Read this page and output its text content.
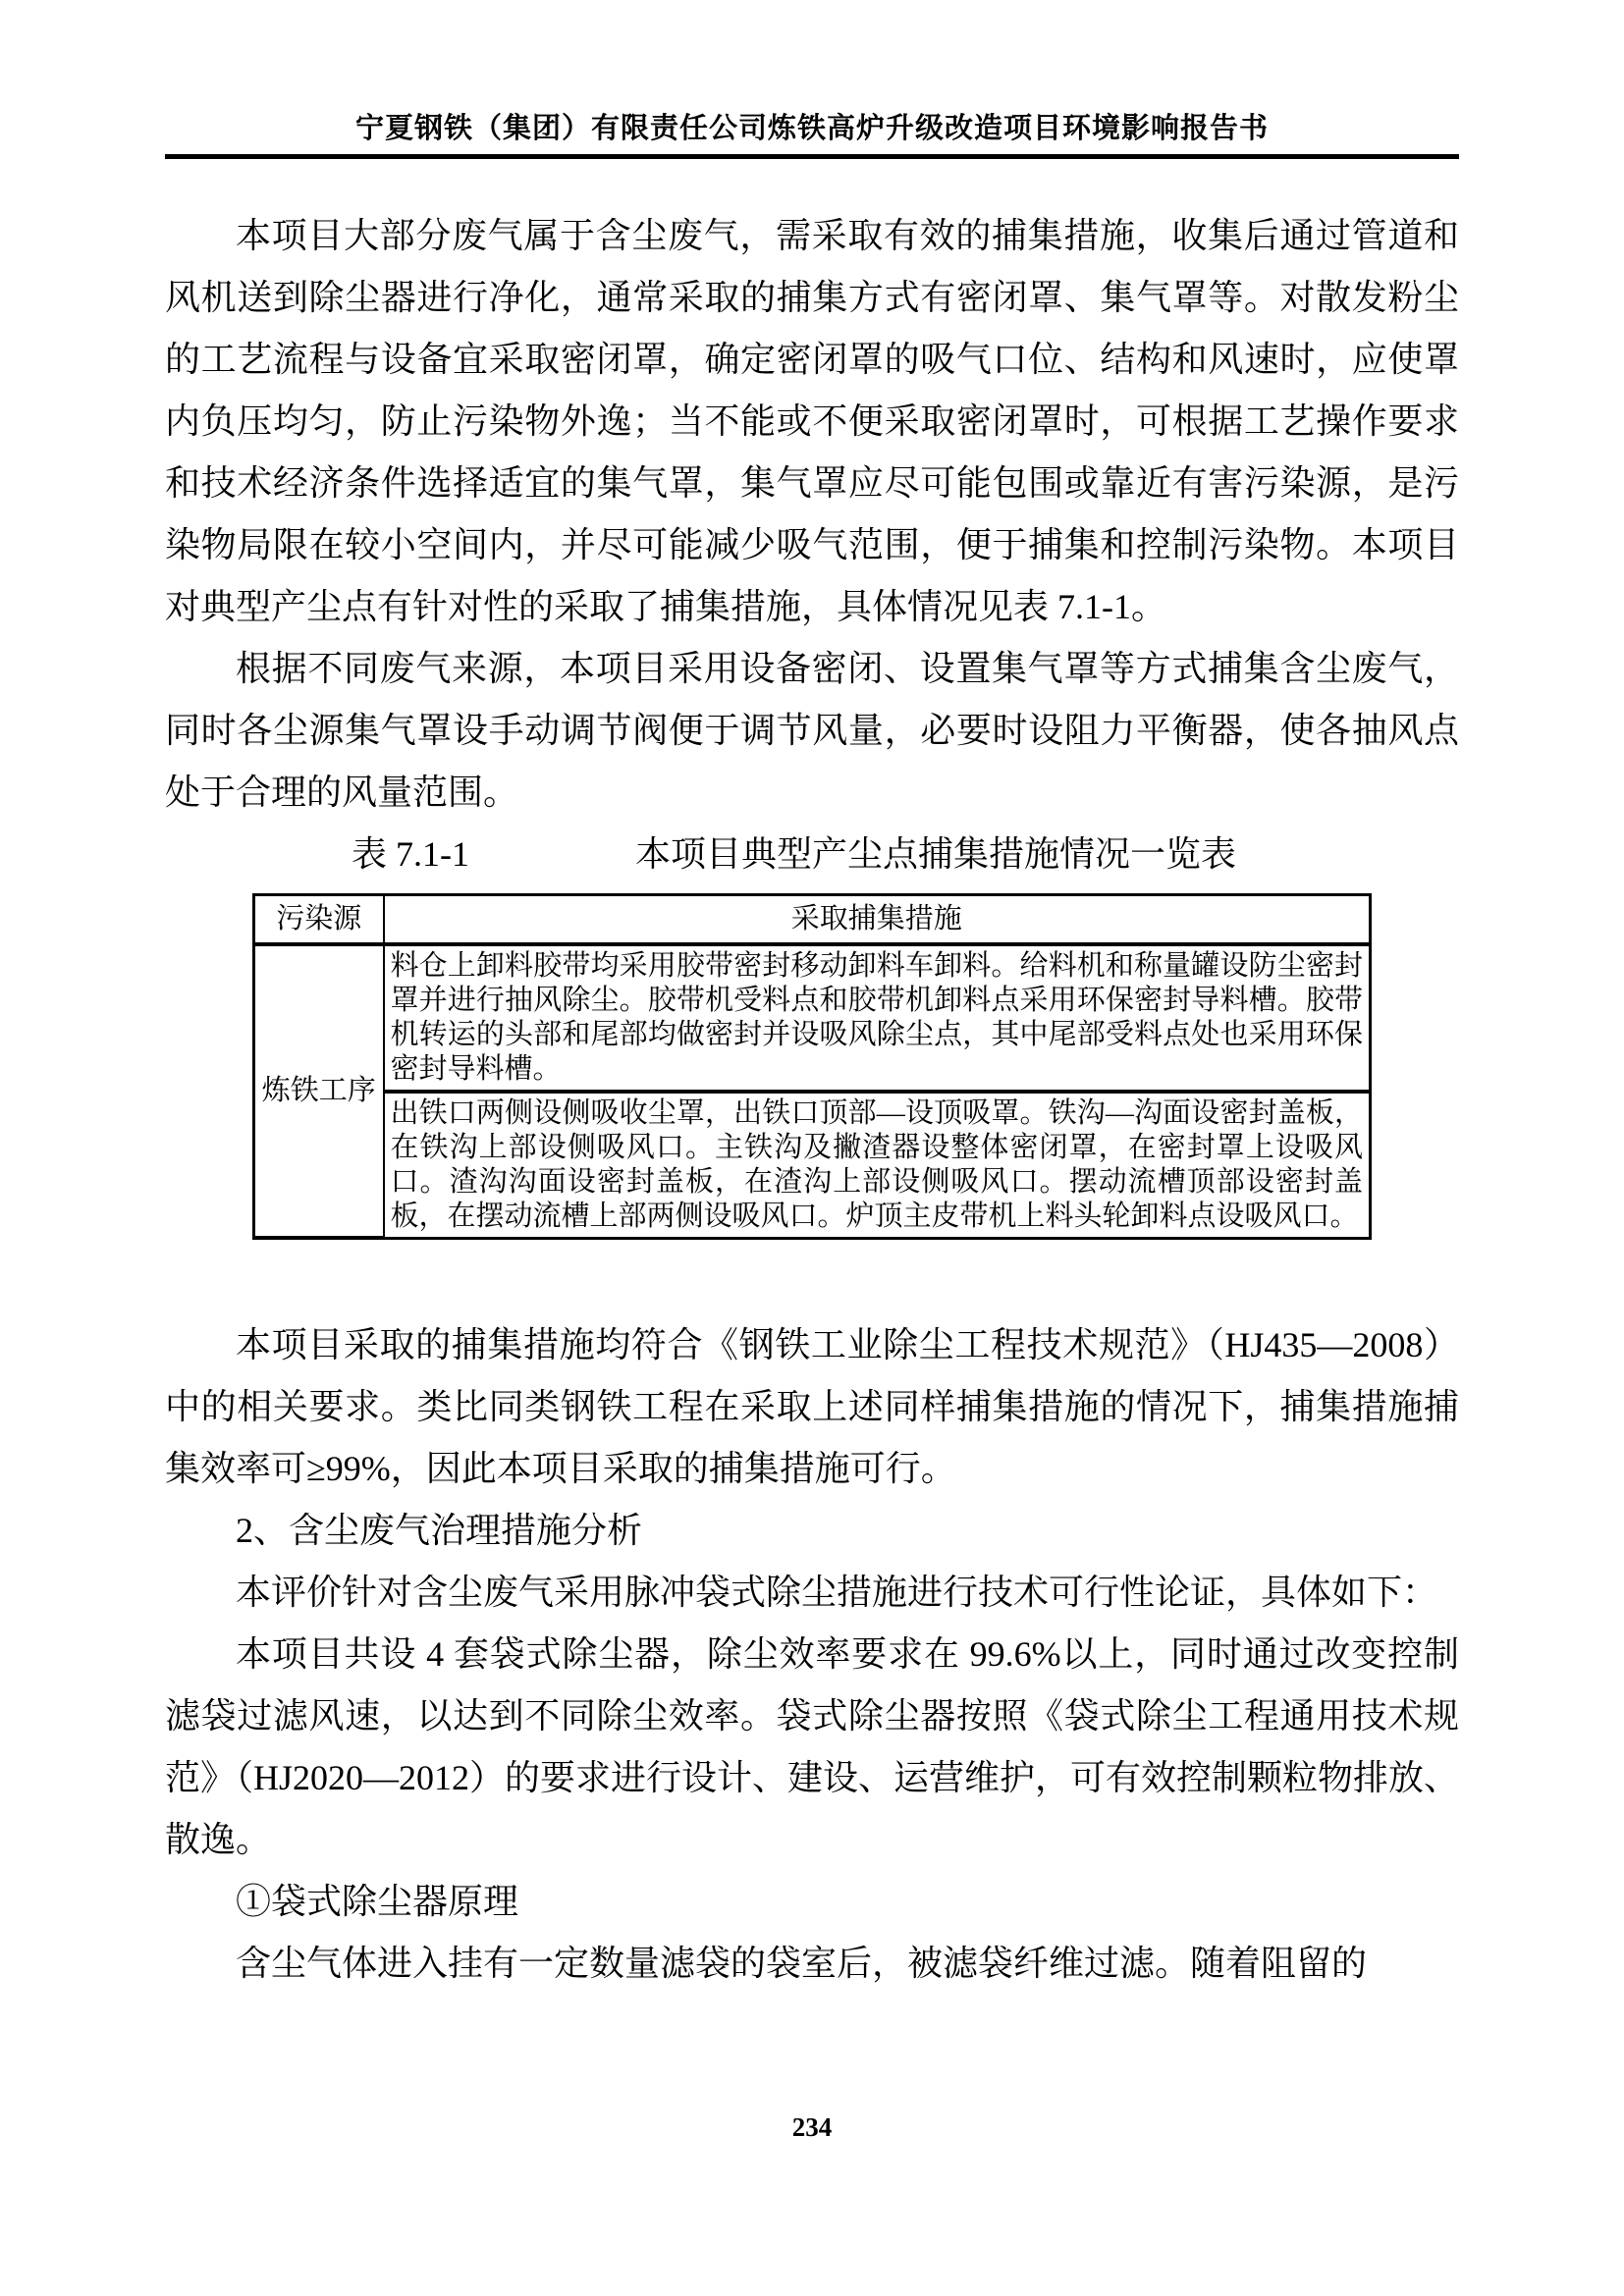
宁夏钢铁（集团）有限责任公司炼铁高炉升级改造项目环境影响报告书

本项目大部分废气属于含尘废气，需采取有效的捕集措施，收集后通过管道和风机送到除尘器进行净化，通常采取的捕集方式有密闭罩、集气罩等。对散发粉尘的工艺流程与设备宜采取密闭罩，确定密闭罩的吸气口位、结构和风速时，应使罩内负压均匀，防止污染物外逸；当不能或不便采取密闭罩时，可根据工艺操作要求和技术经济条件选择适宜的集气罩，集气罩应尽可能包围或靠近有害污染源，是污染物局限在较小空间内，并尽可能减少吸气范围，便于捕集和控制污染物。本项目对典型产尘点有针对性的采取了捕集措施，具体情况见表 7.1-1。

根据不同废气来源，本项目采用设备密闭、设置集气罩等方式捕集含尘废气，同时各尘源集气罩设手动调节阀便于调节风量，必要时设阻力平衡器，使各抽风点处于合理的风量范围。

表 7.1-1	本项目典型产尘点捕集措施情况一览表

污染源	采取捕集措施
炼铁工序	料仓上卸料胶带均采用胶带密封移动卸料车卸料。给料机和称量罐设防尘密封罩并进行抽风除尘。胶带机受料点和胶带机卸料点采用环保密封导料槽。胶带机转运的头部和尾部均做密封并设吸风除尘点，其中尾部受料点处也采用环保密封导料槽。
	出铁口两侧设侧吸收尘罩，出铁口顶部—设顶吸罩。铁沟—沟面设密封盖板，在铁沟上部设侧吸风口。主铁沟及撇渣器设整体密闭罩，在密封罩上设吸风口。渣沟沟面设密封盖板，在渣沟上部设侧吸风口。摆动流槽顶部设密封盖板，在摆动流槽上部两侧设吸风口。炉顶主皮带机上料头轮卸料点设吸风口。

本项目采取的捕集措施均符合《钢铁工业除尘工程技术规范》（HJ435—2008）中的相关要求。类比同类钢铁工程在采取上述同样捕集措施的情况下，捕集措施捕集效率可≥99%，因此本项目采取的捕集措施可行。

2、含尘废气治理措施分析

本评价针对含尘废气采用脉冲袋式除尘措施进行技术可行性论证，具体如下：

本项目共设 4 套袋式除尘器，除尘效率要求在 99.6%以上，同时通过改变控制滤袋过滤风速，以达到不同除尘效率。袋式除尘器按照《袋式除尘工程通用技术规范》（HJ2020—2012）的要求进行设计、建设、运营维护，可有效控制颗粒物排放、散逸。

①袋式除尘器原理

含尘气体进入挂有一定数量滤袋的袋室后，被滤袋纤维过滤。随着阻留的

234
